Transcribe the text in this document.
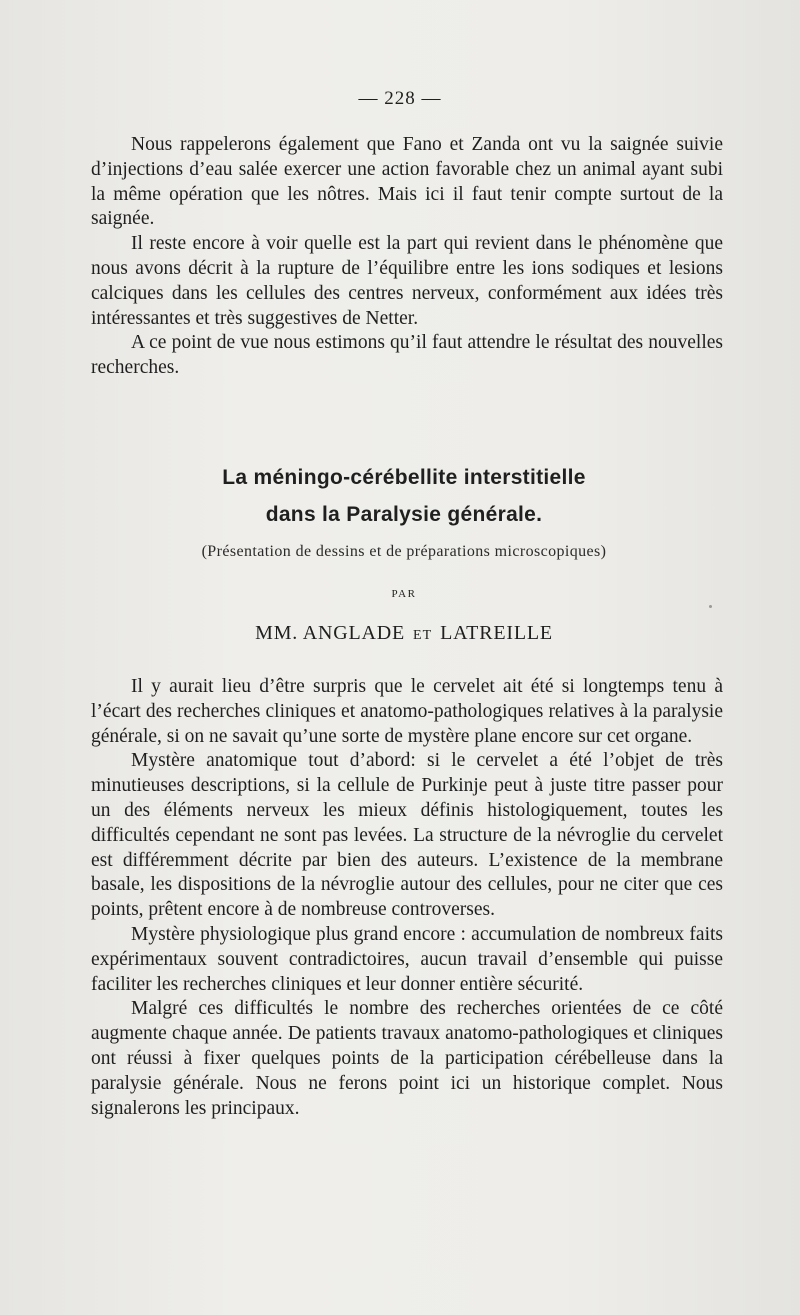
— 228 —

Nous rappelerons également que Fano et Zanda ont vu la saignée suivie d’injections d’eau salée exercer une action favorable chez un animal ayant subi la même opération que les nôtres. Mais ici il faut tenir compte surtout de la saignée.

Il reste encore à voir quelle est la part qui revient dans le phénomène que nous avons décrit à la rupture de l’équilibre entre les ions sodiques et lesions calciques dans les cellules des centres nerveux, conformément aux idées très intéressantes et très suggestives de Netter.

A ce point de vue nous estimons qu’il faut attendre le résultat des nouvelles recherches.

La méningo-cérébellite interstitielle
dans la Paralysie générale.
(Présentation de dessins et de préparations microscopiques)
PAR
MM. ANGLADE ET LATREILLE

Il y aurait lieu d’être surpris que le cervelet ait été si longtemps tenu à l’écart des recherches cliniques et anatomo-pathologiques relatives à la paralysie générale, si on ne savait qu’une sorte de mystère plane encore sur cet organe.

Mystère anatomique tout d’abord: si le cervelet a été l’objet de très minutieuses descriptions, si la cellule de Purkinje peut à juste titre passer pour un des éléments nerveux les mieux définis histologiquement, toutes les difficultés cependant ne sont pas levées. La structure de la névroglie du cervelet est différemment décrite par bien des auteurs. L’existence de la membrane basale, les dispositions de la névroglie autour des cellules, pour ne citer que ces points, prêtent encore à de nombreuse controverses.

Mystère physiologique plus grand encore : accumulation de nombreux faits expérimentaux souvent contradictoires, aucun travail d’ensemble qui puisse faciliter les recherches cliniques et leur donner entière sécurité.

Malgré ces difficultés le nombre des recherches orientées de ce côté augmente chaque année. De patients travaux anatomo-pathologiques et cliniques ont réussi à fixer quelques points de la participation cérébelleuse dans la paralysie générale. Nous ne ferons point ici un historique complet. Nous signalerons les principaux.
